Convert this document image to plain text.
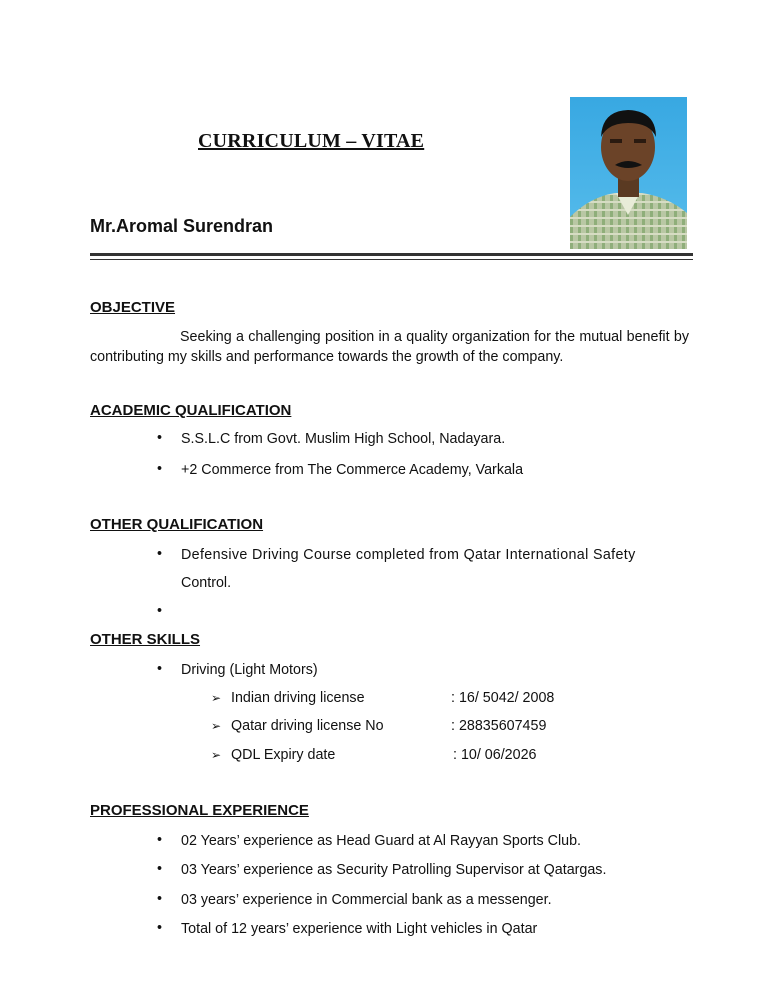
CURRICULUM – VITAE
Mr.Aromal Surendran
OBJECTIVE
Seeking a challenging position in a quality organization for the mutual benefit by contributing my skills and performance towards the growth of the company.
ACADEMIC QUALIFICATION
• S.S.L.C from Govt. Muslim High School, Nadayara.
• +2 Commerce from The Commerce Academy, Varkala
OTHER QUALIFICATION
• Defensive Driving Course completed from Qatar International Safety
Control.
•
OTHER SKILLS
• Driving (Light Motors)
➢ Indian driving license	: 16/ 5042/ 2008
➢ Qatar driving license No	: 28835607459
➢ QDL Expiry date	: 10/ 06/2026
PROFESSIONAL EXPERIENCE
• 02 Years’ experience as Head Guard at Al Rayyan Sports Club.
• 03 Years’ experience as Security Patrolling Supervisor at Qatargas.
• 03 years’ experience in Commercial bank as a messenger.
• Total of 12 years’ experience with Light vehicles in Qatar
